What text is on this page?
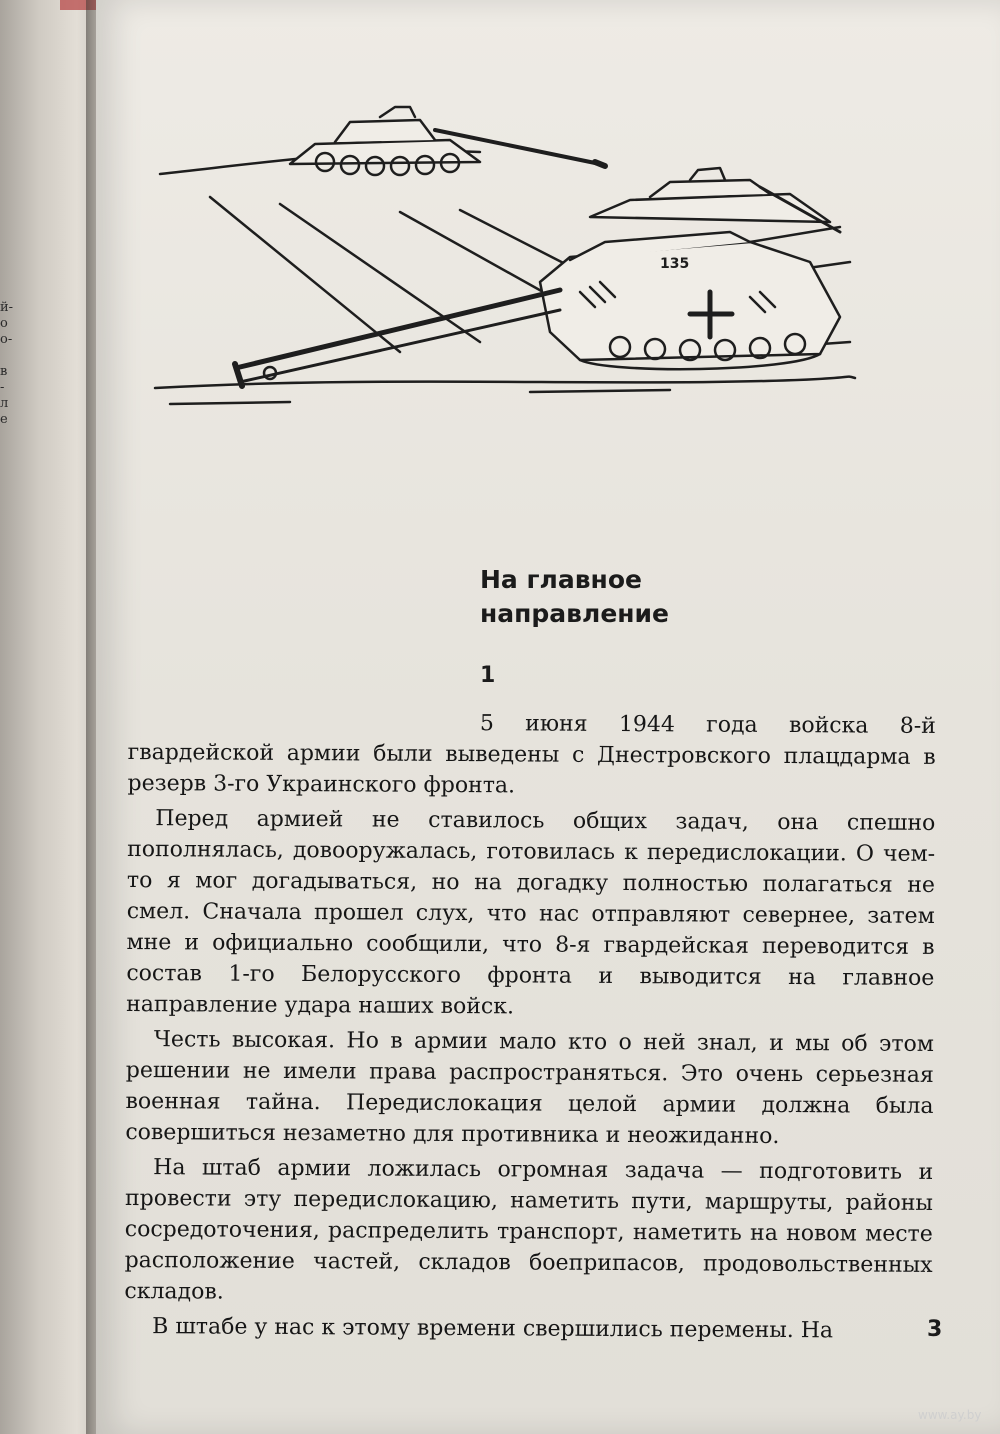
й-
о
о-
в
-
л
е
135
На главное
направление
1

5 июня 1944 года войска 8-й гвардейской армии были выведены с Днестровского плацдарма в резерв 3-го Украинского фронта.

Перед армией не ставилось общих задач, она спешно пополнялась, довооружалась, готовилась к передислокации. О чем-то я мог догадываться, но на догадку полностью полагаться не смел. Сначала прошел слух, что нас отправляют севернее, затем мне и официально сообщили, что 8-я гвардейская переводится в состав 1-го Белорусского фронта и выводится на главное направление удара наших войск.

Честь высокая. Но в армии мало кто о ней знал, и мы об этом решении не имели права распространяться. Это очень серьезная военная тайна. Передислокация целой армии должна была совершиться незаметно для противника и неожиданно.

На штаб армии ложилась огромная задача — подготовить и провести эту передислокацию, наметить пути, маршруты, районы сосредоточения, распределить транспорт, наметить на новом месте расположение частей, складов боеприпасов, продовольственных складов.

В штабе у нас к этому времени свершились перемены. На	3
www.ay.by
